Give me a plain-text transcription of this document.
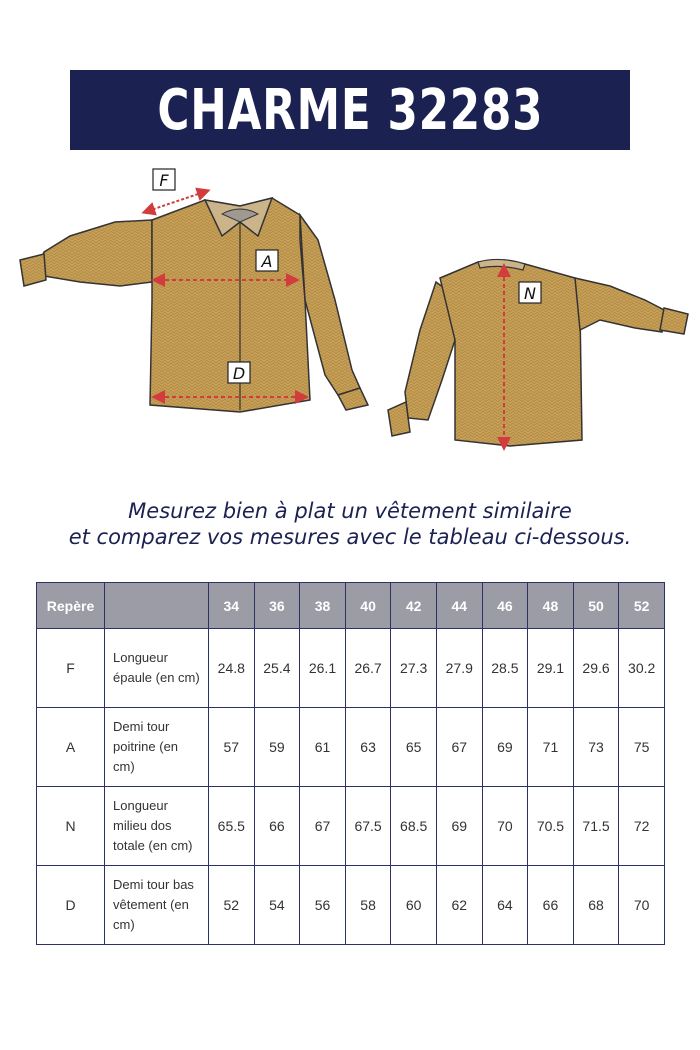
CHARME 32283
F
A
D
N
Mesurez bien à plat un vêtement similaire
et comparez vos mesures avec le tableau ci-dessous.
Repère		34	36	38	40	42	44	46	48	50	52
F	Longueur épaule (en cm)	24.8	25.4	26.1	26.7	27.3	27.9	28.5	29.1	29.6	30.2
A	Demi tour poitrine (en cm)	57	59	61	63	65	67	69	71	73	75
N	Longueur milieu dos totale (en cm)	65.5	66	67	67.5	68.5	69	70	70.5	71.5	72
D	Demi tour bas vêtement (en cm)	52	54	56	58	60	62	64	66	68	70
